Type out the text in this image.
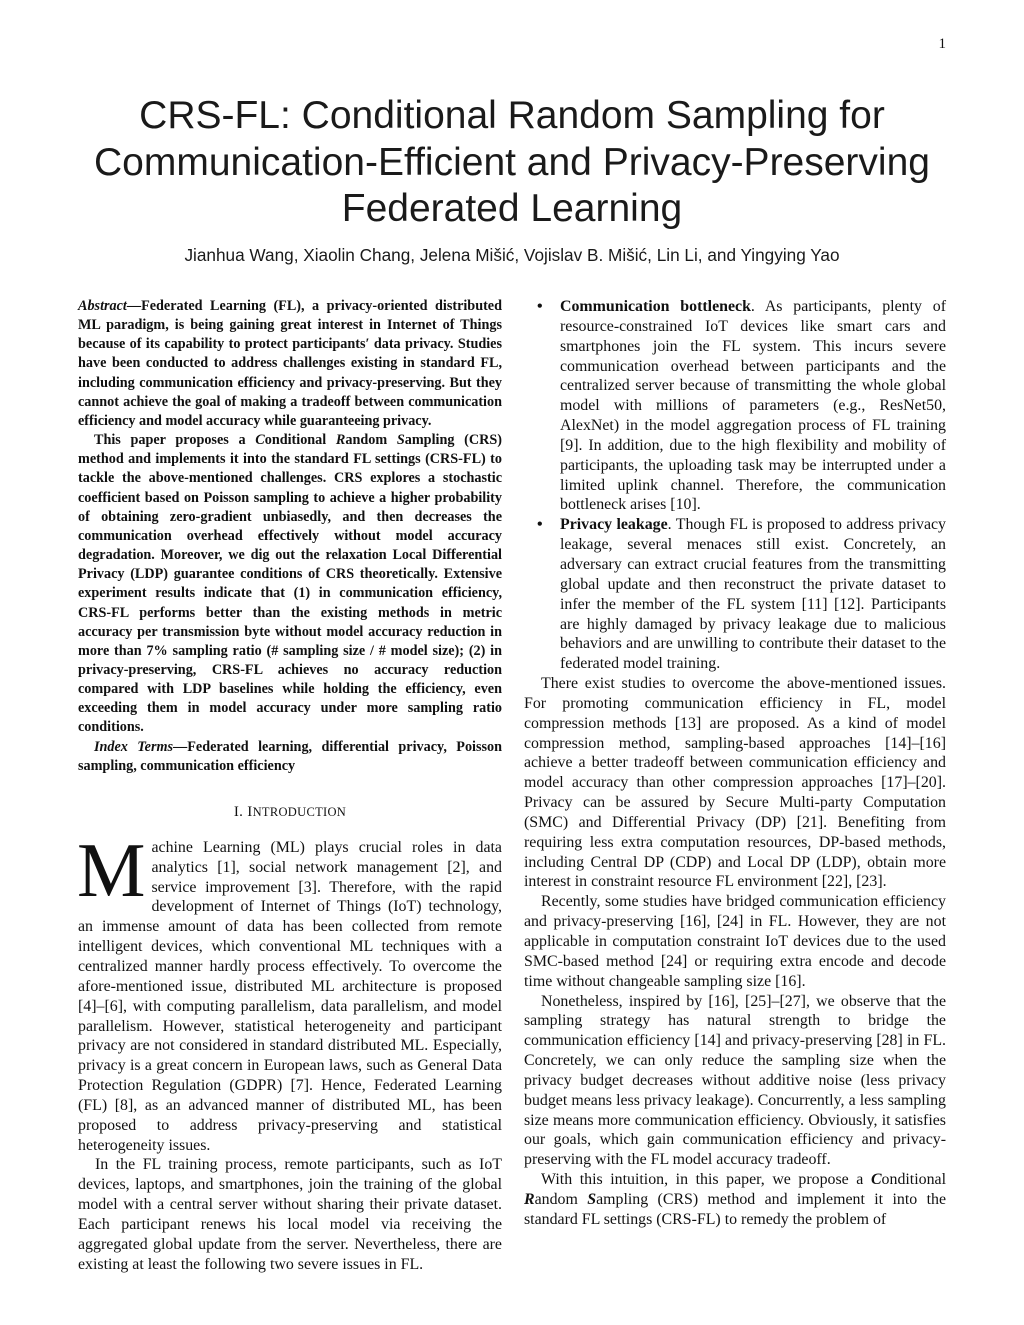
1
CRS-FL: Conditional Random Sampling for Communication-Efficient and Privacy-Preserving Federated Learning
Jianhua Wang, Xiaolin Chang, Jelena Mišić, Vojislav B. Mišić, Lin Li, and Yingying Yao

Abstract—Federated Learning (FL), a privacy-oriented distributed ML paradigm, is being gaining great interest in Internet of Things because of its capability to protect participants′ data privacy. Studies have been conducted to address challenges existing in standard FL, including communication efficiency and privacy-preserving. But they cannot achieve the goal of making a tradeoff between communication efficiency and model accuracy while guaranteeing privacy.

This paper proposes a Conditional Random Sampling (CRS) method and implements it into the standard FL settings (CRS-FL) to tackle the above-mentioned challenges. CRS explores a stochastic coefficient based on Poisson sampling to achieve a higher probability of obtaining zero-gradient unbiasedly, and then decreases the communication overhead effectively without model accuracy degradation. Moreover, we dig out the relaxation Local Differential Privacy (LDP) guarantee conditions of CRS theoretically. Extensive experiment results indicate that (1) in communication efficiency, CRS-FL performs better than the existing methods in metric accuracy per transmission byte without model accuracy reduction in more than 7% sampling ratio (# sampling size / # model size); (2) in privacy-preserving, CRS-FL achieves no accuracy reduction compared with LDP baselines while holding the efficiency, even exceeding them in model accuracy under more sampling ratio conditions.

Index Terms—Federated learning, differential privacy, Poisson sampling, communication efficiency

I. INTRODUCTION

Machine Learning (ML) plays crucial roles in data analytics [1], social network management [2], and service improvement [3]. Therefore, with the rapid development of Internet of Things (IoT) technology, an immense amount of data has been collected from remote intelligent devices, which conventional ML techniques with a centralized manner hardly process effectively. To overcome the afore-mentioned issue, distributed ML architecture is proposed [4]–[6], with computing parallelism, data parallelism, and model parallelism. However, statistical heterogeneity and participant privacy are not considered in standard distributed ML. Especially, privacy is a great concern in European laws, such as General Data Protection Regulation (GDPR) [7]. Hence, Federated Learning (FL) [8], as an advanced manner of distributed ML, has been proposed to address privacy-preserving and statistical heterogeneity issues.

In the FL training process, remote participants, such as IoT devices, laptops, and smartphones, join the training of the global model with a central server without sharing their private dataset. Each participant renews his local model via receiving the aggregated global update from the server. Nevertheless, there are existing at least the following two severe issues in FL.

• Communication bottleneck. As participants, plenty of resource-constrained IoT devices like smart cars and smartphones join the FL system. This incurs severe communication overhead between participants and the centralized server because of transmitting the whole global model with millions of parameters (e.g., ResNet50, AlexNet) in the model aggregation process of FL training [9]. In addition, due to the high flexibility and mobility of participants, the uploading task may be interrupted under a limited uplink channel. Therefore, the communication bottleneck arises [10].
• Privacy leakage. Though FL is proposed to address privacy leakage, several menaces still exist. Concretely, an adversary can extract crucial features from the transmitting global update and then reconstruct the private dataset to infer the member of the FL system [11] [12]. Participants are highly damaged by privacy leakage due to malicious behaviors and are unwilling to contribute their dataset to the federated model training.

There exist studies to overcome the above-mentioned issues. For promoting communication efficiency in FL, model compression methods [13] are proposed. As a kind of model compression method, sampling-based approaches [14]–[16] achieve a better tradeoff between communication efficiency and model accuracy than other compression approaches [17]–[20]. Privacy can be assured by Secure Multi-party Computation (SMC) and Differential Privacy (DP) [21]. Benefiting from requiring less extra computation resources, DP-based methods, including Central DP (CDP) and Local DP (LDP), obtain more interest in constraint resource FL environment [22], [23].

Recently, some studies have bridged communication efficiency and privacy-preserving [16], [24] in FL. However, they are not applicable in computation constraint IoT devices due to the used SMC-based method [24] or requiring extra encode and decode time without changeable sampling size [16].

Nonetheless, inspired by [16], [25]–[27], we observe that the sampling strategy has natural strength to bridge the communication efficiency [14] and privacy-preserving [28] in FL. Concretely, we can only reduce the sampling size when the privacy budget decreases without additive noise (less privacy budget means less privacy leakage). Concurrently, a less sampling size means more communication efficiency. Obviously, it satisfies our goals, which gain communication efficiency and privacy-preserving with the FL model accuracy tradeoff.

With this intuition, in this paper, we propose a Conditional Random Sampling (CRS) method and implement it into the standard FL settings (CRS-FL) to remedy the problem of
